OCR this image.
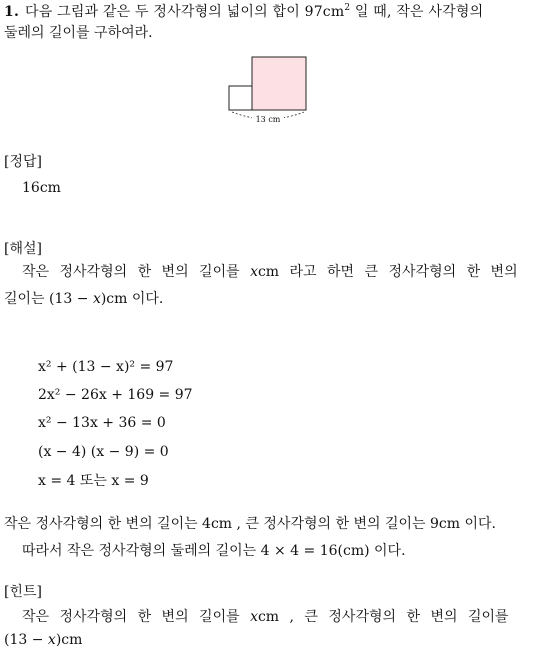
1. 다음 그림과 같은 두 정사각형의 넓이의 합이 $97cm^2$ 일 때, 작은 사각형의
둘레의 길이를 구하여라.
13 cm
[정답]
16cm
[해설]
작은 정사각형의 한 변의 길이를 xcm 라고 하면 큰 정사각형의 한 변의
길이는 (13 − x)cm 이다.
x² + (13 − x)² = 97
2x² − 26x + 169 = 97
x² − 13x + 36 = 0
(x − 4) (x − 9) = 0
x = 4 또는 x = 9
작은 정사각형의 한 변의 길이는 4cm , 큰 정사각형의 한 변의 길이는 9cm 이다.
따라서 작은 정사각형의 둘레의 길이는 4 × 4 = 16(cm) 이다.
[힌트]
작은 정사각형의 한 변의 길이를 xcm , 큰 정사각형의 한 변의 길이를
(13 − x)cm
